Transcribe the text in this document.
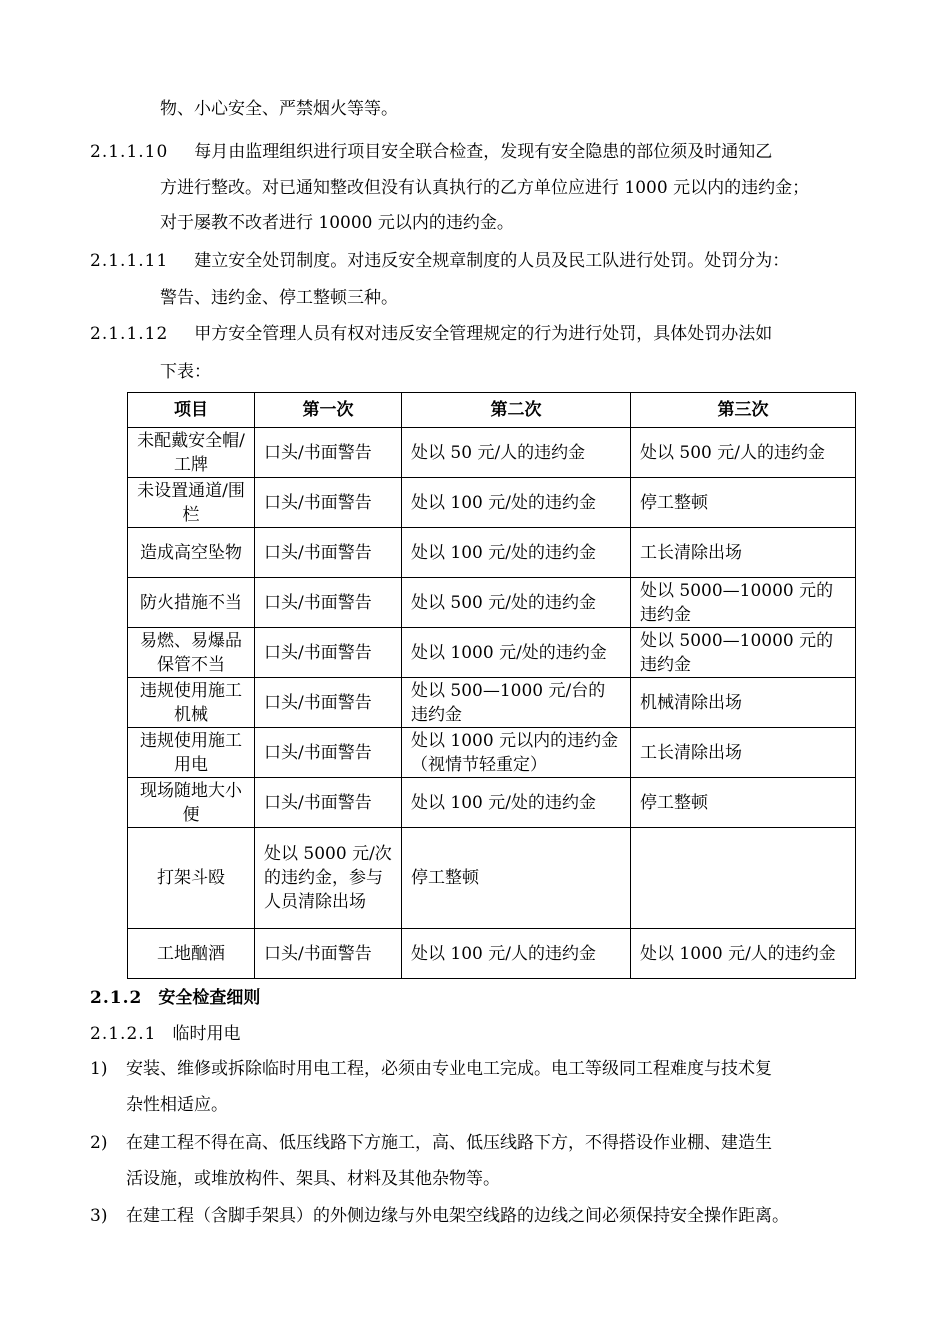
物、小心安全、严禁烟火等等。
2.1.1.10 每月由监理组织进行项目安全联合检查，发现有安全隐患的部位须及时通知乙
方进行整改。对已通知整改但没有认真执行的乙方单位应进行 1000 元以内的违约金；
对于屡教不改者进行 10000 元以内的违约金。
2.1.1.11 建立安全处罚制度。对违反安全规章制度的人员及民工队进行处罚。处罚分为：
警告、违约金、停工整顿三种。
2.1.1.12 甲方安全管理人员有权对违反安全管理规定的行为进行处罚，具体处罚办法如
下表：
项目	第一次	第二次	第三次
未配戴安全帽/工牌	口头/书面警告	处以 50 元/人的违约金	处以 500 元/人的违约金
未设置通道/围栏	口头/书面警告	处以 100 元/处的违约金	停工整顿
造成高空坠物	口头/书面警告	处以 100 元/处的违约金	工长清除出场
防火措施不当	口头/书面警告	处以 500 元/处的违约金	处以 5000—10000 元的违约金
易燃、易爆品保管不当	口头/书面警告	处以 1000 元/处的违约金	处以 5000—10000 元的违约金
违规使用施工机械	口头/书面警告	处以 500—1000 元/台的违约金	机械清除出场
违规使用施工用电	口头/书面警告	处以 1000 元以内的违约金（视情节轻重定）	工长清除出场
现场随地大小便	口头/书面警告	处以 100 元/处的违约金	停工整顿
打架斗殴	处以 5000 元/次的违约金，参与人员清除出场	停工整顿	
工地酗酒	口头/书面警告	处以 100 元/人的违约金	处以 1000 元/人的违约金
2.1.2 安全检查细则
2.1.2.1 临时用电
1) 安装、维修或拆除临时用电工程，必须由专业电工完成。电工等级同工程难度与技术复
杂性相适应。
2) 在建工程不得在高、低压线路下方施工，高、低压线路下方，不得搭设作业棚、建造生
活设施，或堆放构件、架具、材料及其他杂物等。
3) 在建工程（含脚手架具）的外侧边缘与外电架空线路的边线之间必须保持安全操作距离。
